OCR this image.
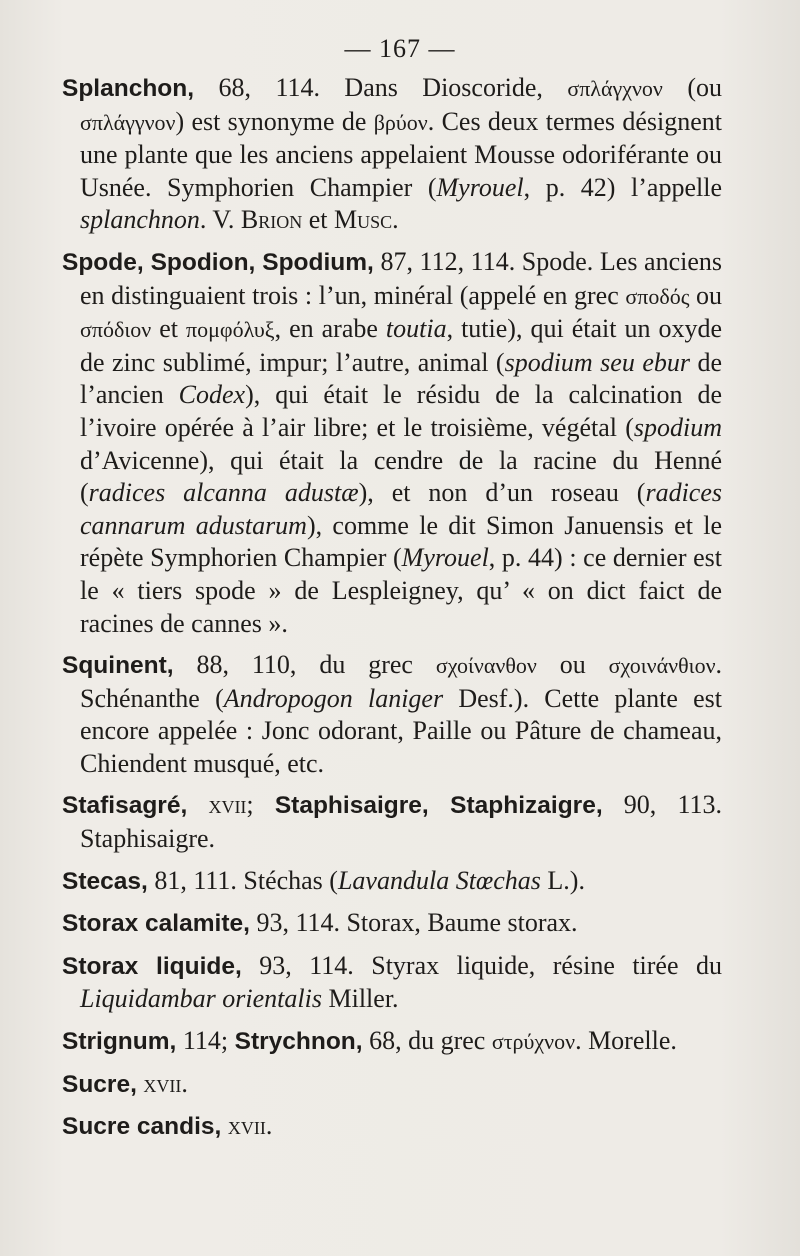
— 167 —

Splanchon, 68, 114. Dans Dioscoride, σπλάγχνον (ou σπλάγγνον) est synonyme de βρύον. Ces deux termes désignent une plante que les anciens appelaient Mousse odoriférante ou Usnée. Symphorien Champier (Myrouel, p. 42) l’appelle splanchnon. V. Brion et Musc.

Spode, Spodion, Spodium, 87, 112, 114. Spode. Les anciens en distinguaient trois : l’un, minéral (appelé en grec σποδός ou σπόδιον et πομφόλυξ, en arabe toutia, tutie), qui était un oxyde de zinc sublimé, impur; l’autre, animal (spodium seu ebur de l’ancien Codex), qui était le résidu de la calcination de l’ivoire opérée à l’air libre; et le troisième, végétal (spodium d’Avicenne), qui était la cendre de la racine du Henné (radices alcanna adustæ), et non d’un roseau (radices cannarum adustarum), comme le dit Simon Januensis et le répète Symphorien Champier (Myrouel, p. 44) : ce dernier est le « tiers spode » de Lespleigney, qu’ « on dict faict de racines de cannes ».

Squinent, 88, 110, du grec σχοίνανθον ou σχοινάνθιον. Schénanthe (Andropogon laniger Desf.). Cette plante est encore appelée : Jonc odorant, Paille ou Pâture de chameau, Chiendent musqué, etc.

Stafisagré, xvii; Staphisaigre, Staphizaigre, 90, 113. Staphisaigre.

Stecas, 81, 111. Stéchas (Lavandula Stœchas L.).

Storax calamite, 93, 114. Storax, Baume storax.

Storax liquide, 93, 114. Styrax liquide, résine tirée du Liquidambar orientalis Miller.

Strignum, 114; Strychnon, 68, du grec στρύχνον. Morelle.

Sucre, xvii.

Sucre candis, xvii.
